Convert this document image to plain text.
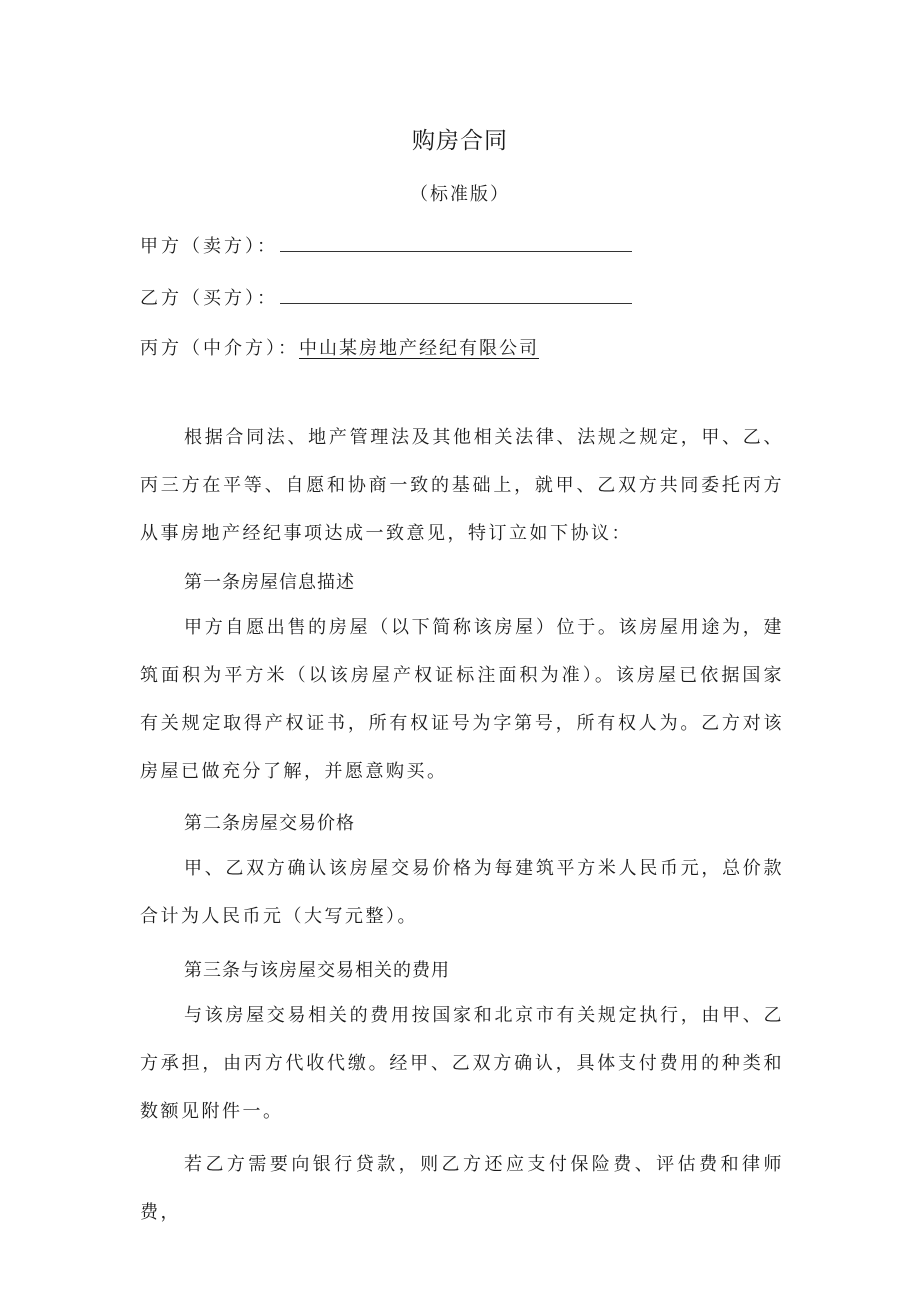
购房合同
（标准版）
甲方（卖方）：
乙方（买方）：
丙方（中介方）：中山某房地产经纪有限公司
根据合同法、地产管理法及其他相关法律、法规之规定，甲、乙、丙三方在平等、自愿和协商一致的基础上，就甲、乙双方共同委托丙方从事房地产经纪事项达成一致意见，特订立如下协议：
第一条房屋信息描述
甲方自愿出售的房屋（以下简称该房屋）位于。该房屋用途为，建筑面积为平方米（以该房屋产权证标注面积为准）。该房屋已依据国家有关规定取得产权证书，所有权证号为字第号，所有权人为。乙方对该房屋已做充分了解，并愿意购买。
第二条房屋交易价格
甲、乙双方确认该房屋交易价格为每建筑平方米人民币元，总价款合计为人民币元（大写元整）。
第三条与该房屋交易相关的费用
与该房屋交易相关的费用按国家和北京市有关规定执行，由甲、乙方承担，由丙方代收代缴。经甲、乙双方确认，具体支付费用的种类和数额见附件一。
若乙方需要向银行贷款，则乙方还应支付保险费、评估费和律师费，
